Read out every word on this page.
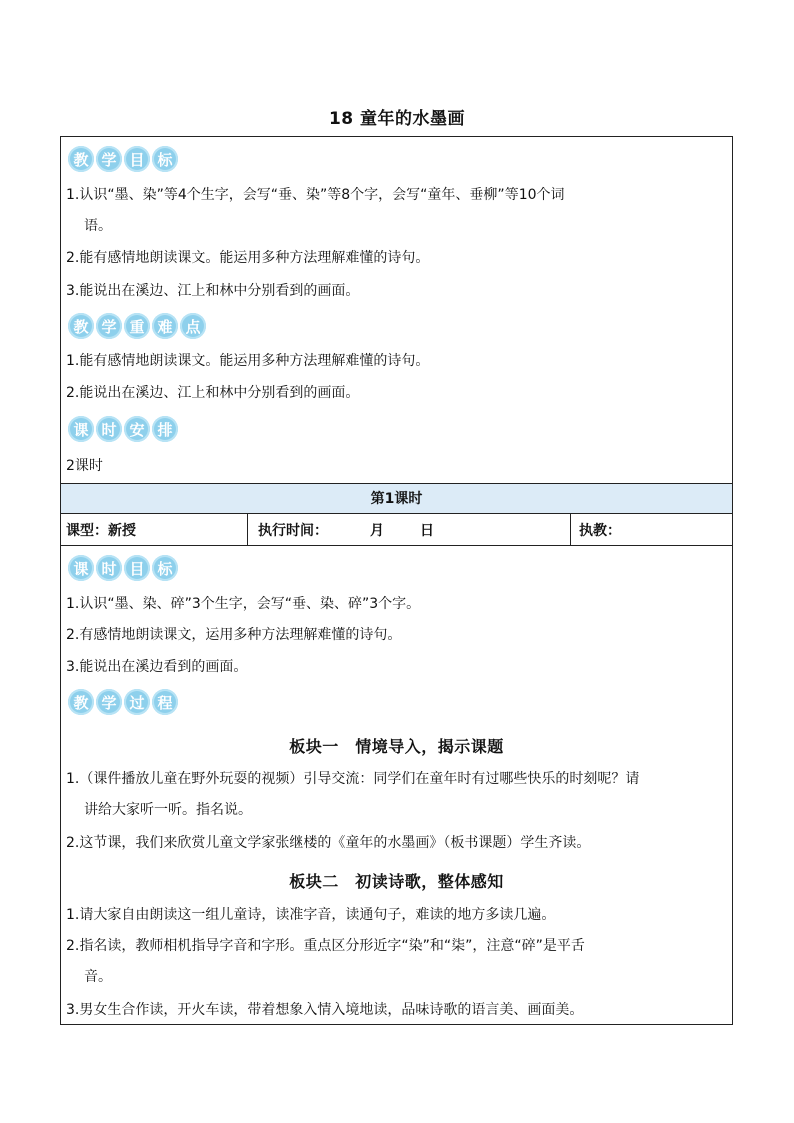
18 童年的水墨画
教 学 目 标
1.认识“墨、染”等4个生字，会写“垂、染”等8个字，会写“童年、垂柳”等10个词
语。
2.能有感情地朗读课文。能运用多种方法理解难懂的诗句。
3.能说出在溪边、江上和林中分别看到的画面。
教 学 重 难 点
1.能有感情地朗读课文。能运用多种方法理解难懂的诗句。
2.能说出在溪边、江上和林中分别看到的画面。
课 时 安 排
2课时
第1课时
课型：新授	执行时间：	月	日	执教：
课 时 目 标
1.认识“墨、染、碎”3个生字，会写“垂、染、碎”3个字。
2.有感情地朗读课文，运用多种方法理解难懂的诗句。
3.能说出在溪边看到的画面。
教 学 过 程
板块一　情境导入，揭示课题
1.（课件播放儿童在野外玩耍的视频）引导交流：同学们在童年时有过哪些快乐的时刻呢？请
讲给大家听一听。指名说。
2.这节课，我们来欣赏儿童文学家张继楼的《童年的水墨画》（板书课题）学生齐读。
板块二　初读诗歌，整体感知
1.请大家自由朗读这一组儿童诗，读准字音，读通句子，难读的地方多读几遍。
2.指名读，教师相机指导字音和字形。重点区分形近字“染”和“柒”，注意“碎”是平舌
音。
3.男女生合作读，开火车读，带着想象入情入境地读，品味诗歌的语言美、画面美。
